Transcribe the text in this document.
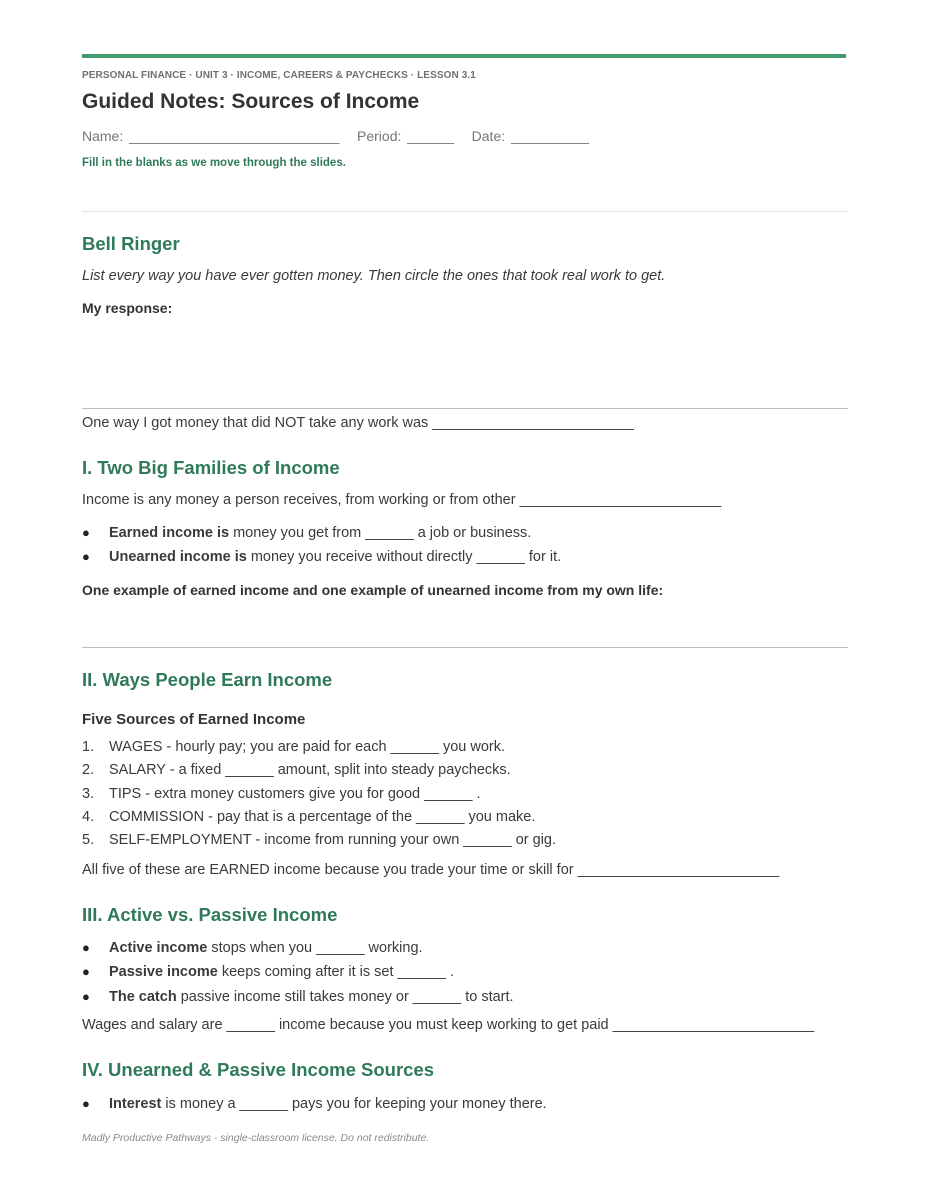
PERSONAL FINANCE · UNIT 3 · INCOME, CAREERS & PAYCHECKS · LESSON 3.1
Guided Notes: Sources of Income
Name: ___________________________   Period: ______   Date: __________
Fill in the blanks as we move through the slides.
Bell Ringer
List every way you have ever gotten money. Then circle the ones that took real work to get.
My response:
One way I got money that did NOT take any work was _________________________
I. Two Big Families of Income
Income is any money a person receives, from working or from other _________________________
● Earned income is money you get from ______ a job or business.
● Unearned income is money you receive without directly ______ for it.
One example of earned income and one example of unearned income from my own life:
II. Ways People Earn Income
Five Sources of Earned Income
1. WAGES - hourly pay; you are paid for each ______ you work.
2. SALARY - a fixed ______ amount, split into steady paychecks.
3. TIPS - extra money customers give you for good ______ .
4. COMMISSION - pay that is a percentage of the ______ you make.
5. SELF-EMPLOYMENT - income from running your own ______ or gig.
All five of these are EARNED income because you trade your time or skill for _________________________
III. Active vs. Passive Income
● Active income stops when you ______ working.
● Passive income keeps coming after it is set ______ .
● The catch passive income still takes money or ______ to start.
Wages and salary are ______ income because you must keep working to get paid _________________________
IV. Unearned & Passive Income Sources
● Interest is money a ______ pays you for keeping your money there.
Madly Productive Pathways - single-classroom license. Do not redistribute.
